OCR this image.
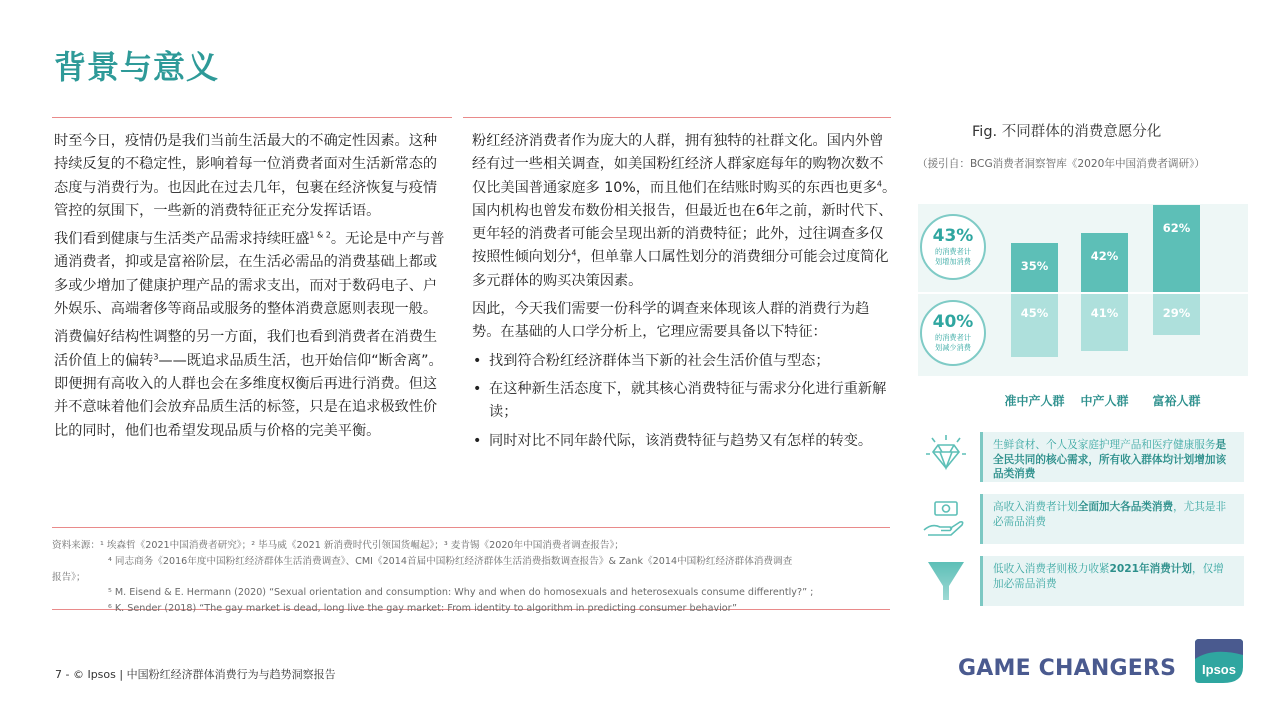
背景与意义

时至今日，疫情仍是我们当前生活最大的不确定性因素。这种持续反复的不稳定性，影响着每一位消费者面对生活新常态的态度与消费行为。也因此在过去几年，包裹在经济恢复与疫情管控的氛围下，一些新的消费特征正充分发挥话语。

我们看到健康与生活类产品需求持续旺盛$^{1 \& 2}$。无论是中产与普通消费者，抑或是富裕阶层，在生活必需品的消费基础上都或多或少增加了健康护理产品的需求支出，而对于数码电子、户外娱乐、高端奢侈等商品或服务的整体消费意愿则表现一般。

消费偏好结构性调整的另一方面，我们也看到消费者在消费生活价值上的偏转$^3$——既追求品质生活，也开始信仰“断舍离”。即便拥有高收入的人群也会在多维度权衡后再进行消费。但这并不意味着他们会放弃品质生活的标签，只是在追求极致性价比的同时，他们也希望发现品质与价格的完美平衡。

粉红经济消费者作为庞大的人群，拥有独特的社群文化。国内外曾经有过一些相关调查，如美国粉红经济人群家庭每年的购物次数不仅比美国普通家庭多 10%，而且他们在结账时购买的东西也更多$^4$。国内机构也曾发布数份相关报告，但最近也在6年之前，新时代下、更年轻的消费者可能会呈现出新的消费特征；此外，过往调查多仅按照性倾向划分$^4$，但单靠人口属性划分的消费细分可能会过度简化多元群体的购买决策因素。

因此，今天我们需要一份科学的调查来体现该人群的消费行为趋势。在基础的人口学分析上，它理应需要具备以下特征：

• 找到符合粉红经济群体当下新的社会生活价值与型态；
• 在这种新生活态度下，就其核心消费特征与需求分化进行重新解读；
• 同时对比不同年龄代际，该消费特征与趋势又有怎样的转变。
资料来源：¹ 埃森哲《2021中国消费者研究》；² 毕马威《2021 新消费时代引领国货崛起》；³ 麦肯锡《2020年中国消费者调查报告》；
⁴ 同志商务《2016年度中国粉红经济群体生活消费调查》、CMI《2014首届中国粉红经济群体生活消费指数调查报告》& Zank《2014中国粉红经济群体消费调查
报告》；
⁵ M. Eisend & E. Hermann (2020) “Sexual orientation and consumption: Why and when do homosexuals and heterosexuals consume differently?” ;
⁶ K. Sender (2018) “The gay market is dead, long live the gay market: From identity to algorithm in predicting consumer behavior”
Fig. 不同群体的消费意愿分化
（援引自：BCG消费者洞察智库《2020年中国消费者调研》）
43%
的消费者计
划增加消费
40%
的消费者计
划减少消费
35%
45%
准中产人群
42%
41%
中产人群
62%
29%
富裕人群
生鲜食材、个人及家庭护理产品和医疗健康服务是全民共同的核心需求，所有收入群体均计划增加该品类消费
高收入消费者计划全面加大各品类消费，尤其是非必需品消费
低收入消费者则极力收紧2021年消费计划，仅增加必需品消费
7 - © Ipsos | 中国粉红经济群体消费行为与趋势洞察报告	GAME CHANGERS Ipsos
